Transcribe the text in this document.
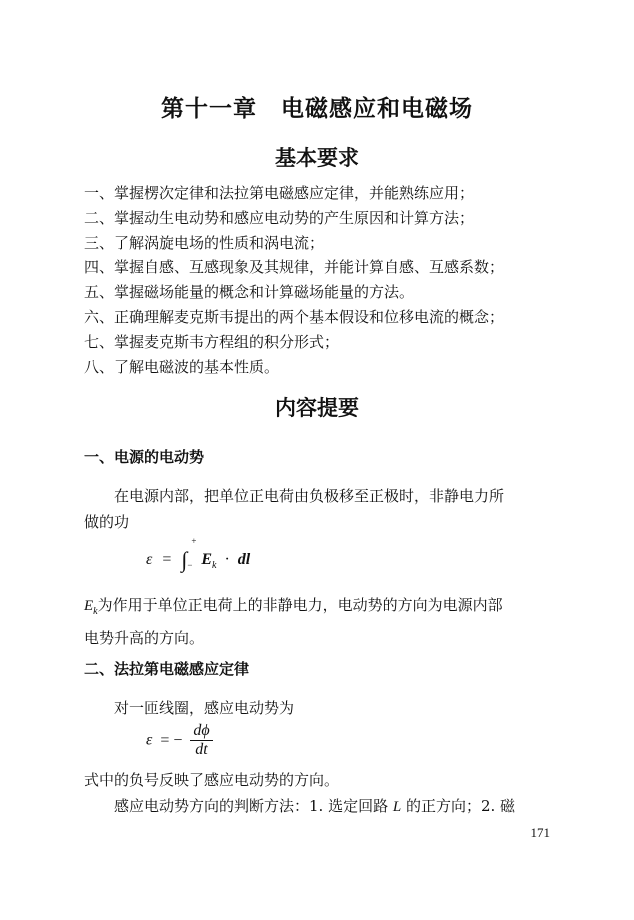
第十一章　电磁感应和电磁场
基本要求
一、掌握楞次定律和法拉第电磁感应定律，并能熟练应用；
二、掌握动生电动势和感应电动势的产生原因和计算方法；
三、了解涡旋电场的性质和涡电流；
四、掌握自感、互感现象及其规律，并能计算自感、互感系数；
五、掌握磁场能量的概念和计算磁场能量的方法。
六、正确理解麦克斯韦提出的两个基本假设和位移电流的概念；
七、掌握麦克斯韦方程组的积分形式；
八、了解电磁波的基本性质。
内容提要
一、电源的电动势

在电源内部，把单位正电荷由负极移至正极时，非静电力所
做的功

ε = ∫
+
− $E_k$ · dl

$E_k$为作用于单位正电荷上的非静电力，电动势的方向为电源内部
电势升高的方向。

二、法拉第电磁感应定律

对一匝线圈，感应电动势为

ε = − $\frac{d\phi}{dt}$

式中的负号反映了感应电动势的方向。

感应电动势方向的判断方法：1. 选定回路 L 的正方向；2. 磁

171
